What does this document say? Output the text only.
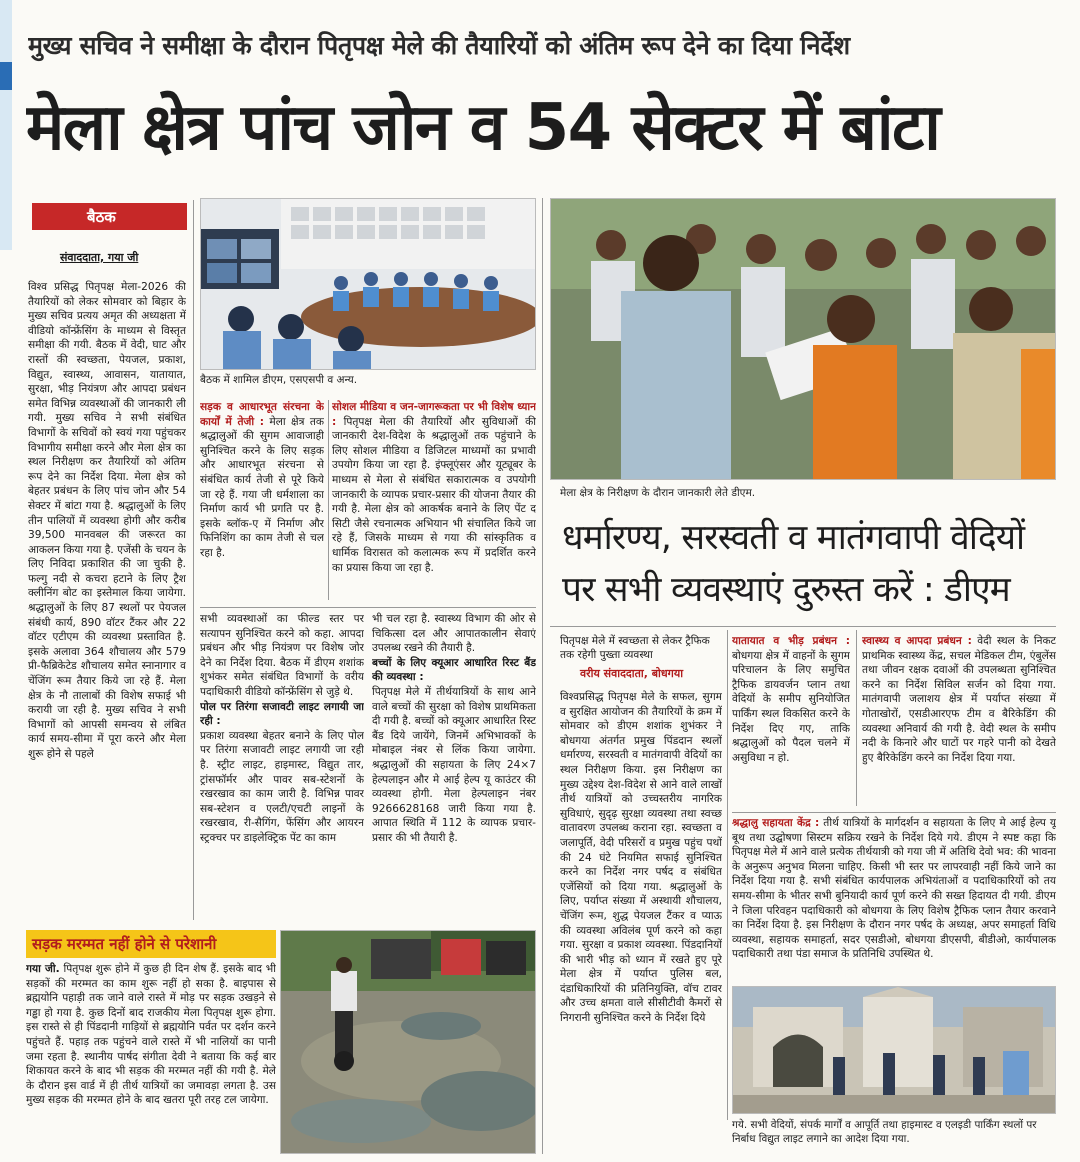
मुख्य सचिव ने समीक्षा के दौरान पितृपक्ष मेले की तैयारियों को अंतिम रूप देने का दिया निर्देश
मेला क्षेत्र पांच जोन व 54 सेक्टर में बांटा
बैठक
संवाददाता, गया जी
विश्व प्रसिद्ध पितृपक्ष मेला-2026 की तैयारियों को लेकर सोमवार को बिहार के मुख्य सचिव प्रत्यय अमृत की अध्यक्षता में वीडियो कॉन्फ्रेंसिंग के माध्यम से विस्तृत समीक्षा की गयी. बैठक में वेदी, घाट और रास्तों की स्वच्छता, पेयजल, प्रकाश, विद्युत, स्वास्थ्य, आवासन, यातायात, सुरक्षा, भीड़ नियंत्रण और आपदा प्रबंधन समेत विभिन्न व्यवस्थाओं की जानकारी ली गयी. मुख्य सचिव ने सभी संबंधित विभागों के सचिवों को स्वयं गया पहुंचकर विभागीय समीक्षा करने और मेला क्षेत्र का स्थल निरीक्षण कर तैयारियों को अंतिम रूप देने का निर्देश दिया. मेला क्षेत्र को बेहतर प्रबंधन के लिए पांच जोन और 54 सेक्टर में बांटा गया है. श्रद्धालुओं के लिए तीन पालियों में व्यवस्था होगी और करीब 39,500 मानवबल की जरूरत का आकलन किया गया है. एजेंसी के चयन के लिए निविदा प्रकाशित की जा चुकी है. फल्गु नदी से कचरा हटाने के लिए ट्रैश क्लीनिंग बोट का इस्तेमाल किया जायेगा. श्रद्धालुओं के लिए 87 स्थलों पर पेयजल संबंधी कार्य, 890 वॉटर टैंकर और 22 वॉटर एटीएम की व्यवस्था प्रस्तावित है. इसके अलावा 364 शौचालय और 579 प्री-फैब्रिकेटेड शौचालय समेत स्नानागार व चेंजिंग रूम तैयार किये जा रहे हैं. मेला क्षेत्र के नौ तालाबों की विशेष सफाई भी करायी जा रही है. मुख्य सचिव ने सभी विभागों को आपसी समन्वय से लंबित कार्य समय-सीमा में पूरा करने और मेला शुरू होने से पहले
बैठक में शामिल डीएम, एसएसपी व अन्य.
सड़क व आधारभूत संरचना के कार्यों में तेजी : मेला क्षेत्र तक श्रद्धालुओं की सुगम आवाजाही सुनिश्चित करने के लिए सड़क और आधारभूत संरचना से संबंधित कार्य तेजी से पूरे किये जा रहे हैं. गया जी धर्मशाला का निर्माण कार्य भी प्रगति पर है. इसके ब्लॉक-ए में निर्माण और फिनिशिंग का काम तेजी से चल रहा है.
सोशल मीडिया व जन-जागरूकता पर भी विशेष ध्यान : पितृपक्ष मेला की तैयारियों और सुविधाओं की जानकारी देश-विदेश के श्रद्धालुओं तक पहुंचाने के लिए सोशल मीडिया व डिजिटल माध्यमों का प्रभावी उपयोग किया जा रहा है. इंफ्लूएंसर और यूट्यूबर के माध्यम से मेला से संबंधित सकारात्मक व उपयोगी जानकारी के व्यापक प्रचार-प्रसार की योजना तैयार की गयी है. मेला क्षेत्र को आकर्षक बनाने के लिए पेंट द सिटी जैसे रचनात्मक अभियान भी संचालित किये जा रहे हैं, जिसके माध्यम से गया की सांस्कृतिक व धार्मिक विरासत को कलात्मक रूप में प्रदर्शित करने का प्रयास किया जा रहा है.
सभी व्यवस्थाओं का फील्ड स्तर पर सत्यापन सुनिश्चित करने को कहा. आपदा प्रबंधन और भीड़ नियंत्रण पर विशेष जोर देने का निर्देश दिया. बैठक में डीएम शशांक शुभंकर समेत संबंधित विभागों के वरीय पदाधिकारी वीडियो कॉन्फ्रेंसिंग से जुड़े थे.
पोल पर तिरंगा सजावटी लाइट लगायी जा रही :
प्रकाश व्यवस्था बेहतर बनाने के लिए पोल पर तिरंगा सजावटी लाइट लगायी जा रही है. स्ट्रीट लाइट, हाइमास्ट, विद्युत तार, ट्रांसफॉर्मर और पावर सब-स्टेशनों के रखरखाव का काम जारी है. विभिन्न पावर सब-स्टेशन व एलटी/एचटी लाइनों के रखरखाव, री-सैगिंग, फेंसिंग और आयरन स्ट्रक्चर पर डाइलेक्ट्रिक पेंट का काम
भी चल रहा है. स्वास्थ्य विभाग की ओर से चिकित्सा दल और आपातकालीन सेवाएं उपलब्ध रखने की तैयारी है.
बच्चों के लिए क्यूआर आधारित रिस्ट बैंड की व्यवस्था :
पितृपक्ष मेले में तीर्थयात्रियों के साथ आने वाले बच्चों की सुरक्षा को विशेष प्राथमिकता दी गयी है. बच्चों को क्यूआर आधारित रिस्ट बैंड दिये जायेंगे, जिनमें अभिभावकों के मोबाइल नंबर से लिंक किया जायेगा. श्रद्धालुओं की सहायता के लिए 24×7 हेल्पलाइन और मे आई हेल्प यू काउंटर की व्यवस्था होगी. मेला हेल्पलाइन नंबर 9266628168 जारी किया गया है. आपात स्थिति में 112 के व्यापक प्रचार-प्रसार की भी तैयारी है.
सड़क मरम्मत नहीं होने से परेशानी
गया जी. पितृपक्ष शुरू होने में कुछ ही दिन शेष हैं. इसके बाद भी सड़कों की मरम्मत का काम शुरू नहीं हो सका है. बाइपास से ब्रह्मयोनि पहाड़ी तक जाने वाले रास्ते में मोड़ पर सड़क उखड़ने से गड्ढा हो गया है. कुछ दिनों बाद राजकीय मेला पितृपक्ष शुरू होगा. इस रास्ते से ही पिंडदानी गाड़ियों से ब्रह्मयोनि पर्वत पर दर्शन करने पहुंचते हैं. पहाड़ तक पहुंचने वाले रास्ते में भी नालियों का पानी जमा रहता है. स्थानीय पार्षद संगीता देवी ने बताया कि कई बार शिकायत करने के बाद भी सड़क की मरम्मत नहीं की गयी है. मेले के दौरान इस वार्ड में ही तीर्थ यात्रियों का जमावड़ा लगता है. उस मुख्य सड़क की मरम्मत होने के बाद खतरा पूरी तरह टल जायेगा.
मेला क्षेत्र के निरीक्षण के दौरान जानकारी लेते डीएम.
धर्मारण्य, सरस्वती व मातंगवापी वेदियों पर सभी व्यवस्थाएं दुरुस्त करें : डीएम
पितृपक्ष मेले में स्वच्छता से लेकर ट्रैफिक तक रहेगी पुख्ता व्यवस्था
वरीय संवाददाता, बोधगया
विश्वप्रसिद्ध पितृपक्ष मेले के सफल, सुगम व सुरक्षित आयोजन की तैयारियों के क्रम में सोमवार को डीएम शशांक शुभंकर ने बोधगया अंतर्गत प्रमुख पिंडदान स्थलों धर्मारण्य, सरस्वती व मातंगवापी वेदियों का स्थल निरीक्षण किया. इस निरीक्षण का मुख्य उद्देश्य देश-विदेश से आने वाले लाखों तीर्थ यात्रियों को उच्चस्तरीय नागरिक सुविधाएं, सुदृढ़ सुरक्षा व्यवस्था तथा स्वच्छ वातावरण उपलब्ध कराना रहा. स्वच्छता व जलापूर्ति, वेदी परिसरों व प्रमुख पहुंच पथों की 24 घंटे नियमित सफाई सुनिश्चित करने का निर्देश नगर पर्षद व संबंधित एजेंसियों को दिया गया. श्रद्धालुओं के लिए, पर्याप्त संख्या में अस्थायी शौचालय, चेंजिंग रूम, शुद्ध पेयजल टैंकर व प्याऊ की व्यवस्था अविलंब पूर्ण करने को कहा गया. सुरक्षा व प्रकाश व्यवस्था. पिंडदानियों की भारी भीड़ को ध्यान में रखते हुए पूरे मेला क्षेत्र में पर्याप्त पुलिस बल, दंडाधिकारियों की प्रतिनियुक्ति, वॉच टावर और उच्च क्षमता वाले सीसीटीवी कैमरों से निगरानी सुनिश्चित करने के निर्देश दिये
यातायात व भीड़ प्रबंधन : बोधगया क्षेत्र में वाहनों के सुगम परिचालन के लिए समुचित ट्रैफिक डायवर्जन प्लान तथा वेदियों के समीप सुनियोजित पार्किंग स्थल विकसित करने के निर्देश दिए गए, ताकि श्रद्धालुओं को पैदल चलने में असुविधा न हो.
स्वास्थ्य व आपदा प्रबंधन : वेदी स्थल के निकट प्राथमिक स्वास्थ्य केंद्र, सचल मेडिकल टीम, एंबुलेंस तथा जीवन रक्षक दवाओं की उपलब्धता सुनिश्चित करने का निर्देश सिविल सर्जन को दिया गया. मातंगवापी जलाशय क्षेत्र में पर्याप्त संख्या में गोताखोरों, एसडीआरएफ टीम व बैरिकेडिंग की व्यवस्था अनिवार्य की गयी है. वेदी स्थल के समीप नदी के किनारे और घाटों पर गहरे पानी को देखते हुए बैरिकेडिंग करने का निर्देश दिया गया.
श्रद्धालु सहायता केंद्र : तीर्थ यात्रियों के मार्गदर्शन व सहायता के लिए मे आई हेल्प यू बूथ तथा उद्घोषणा सिस्टम सक्रिय रखने के निर्देश दिये गये. डीएम ने स्पष्ट कहा कि पितृपक्ष मेले में आने वाले प्रत्येक तीर्थयात्री को गया जी में अतिथि देवो भव: की भावना के अनुरूप अनुभव मिलना चाहिए. किसी भी स्तर पर लापरवाही नहीं किये जाने का निर्देश दिया गया है. सभी संबंधित कार्यपालक अभियंताओं व पदाधिकारियों को तय समय-सीमा के भीतर सभी बुनियादी कार्य पूर्ण करने की सख्त हिदायत दी गयी. डीएम ने जिला परिवहन पदाधिकारी को बोधगया के लिए विशेष ट्रैफिक प्लान तैयार करवाने का निर्देश दिया है. इस निरीक्षण के दौरान नगर पर्षद के अध्यक्ष, अपर समाहर्ता विधि व्यवस्था, सहायक समाहर्ता, सदर एसडीओ, बोधगया डीएसपी, बीडीओ, कार्यपालक पदाधिकारी तथा पंडा समाज के प्रतिनिधि उपस्थित थे.
गये. सभी वेदियों, संपर्क मार्गों व आपूर्ति तथा हाइमास्ट व एलइडी पार्किंग स्थलों पर निर्बाध विद्युत लाइट लगाने का आदेश दिया गया.
